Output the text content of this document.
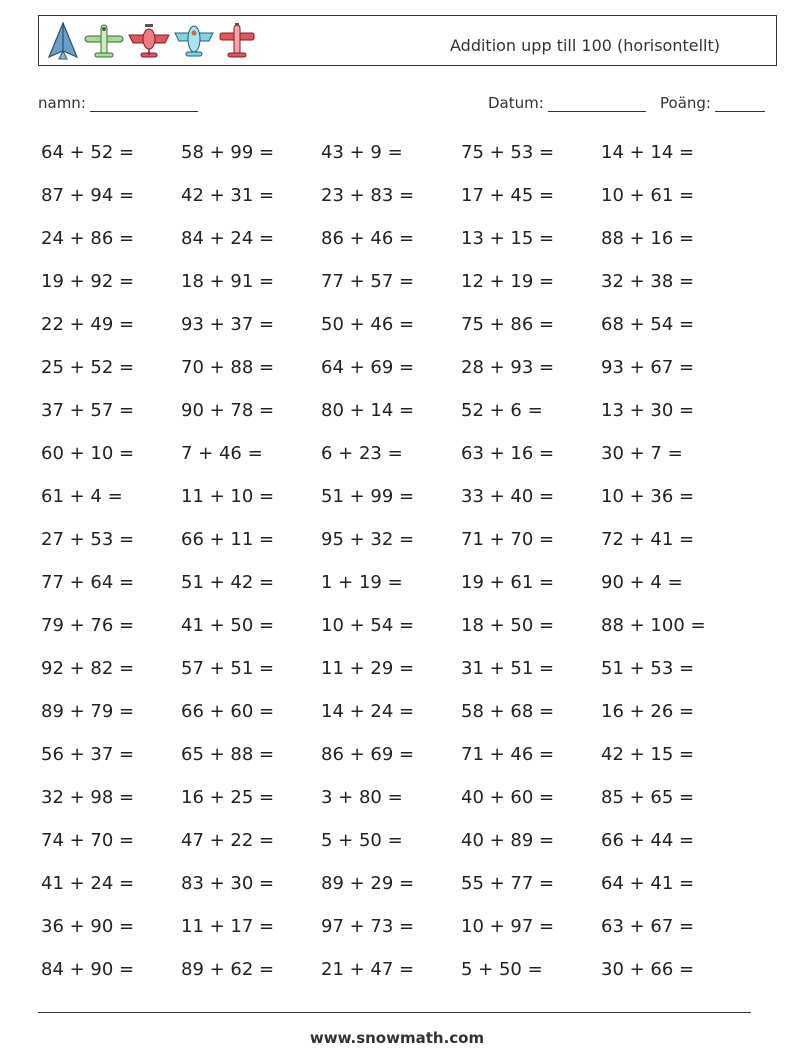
Addition upp till 100 (horisontellt)
namn:	Datum:	Poäng:
64 + 52 =	58 + 99 =	43 + 9 =	75 + 53 =	14 + 14 =
87 + 94 =	42 + 31 =	23 + 83 =	17 + 45 =	10 + 61 =
24 + 86 =	84 + 24 =	86 + 46 =	13 + 15 =	88 + 16 =
19 + 92 =	18 + 91 =	77 + 57 =	12 + 19 =	32 + 38 =
22 + 49 =	93 + 37 =	50 + 46 =	75 + 86 =	68 + 54 =
25 + 52 =	70 + 88 =	64 + 69 =	28 + 93 =	93 + 67 =
37 + 57 =	90 + 78 =	80 + 14 =	52 + 6 =	13 + 30 =
60 + 10 =	7 + 46 =	6 + 23 =	63 + 16 =	30 + 7 =
61 + 4 =	11 + 10 =	51 + 99 =	33 + 40 =	10 + 36 =
27 + 53 =	66 + 11 =	95 + 32 =	71 + 70 =	72 + 41 =
77 + 64 =	51 + 42 =	1 + 19 =	19 + 61 =	90 + 4 =
79 + 76 =	41 + 50 =	10 + 54 =	18 + 50 =	88 + 100 =
92 + 82 =	57 + 51 =	11 + 29 =	31 + 51 =	51 + 53 =
89 + 79 =	66 + 60 =	14 + 24 =	58 + 68 =	16 + 26 =
56 + 37 =	65 + 88 =	86 + 69 =	71 + 46 =	42 + 15 =
32 + 98 =	16 + 25 =	3 + 80 =	40 + 60 =	85 + 65 =
74 + 70 =	47 + 22 =	5 + 50 =	40 + 89 =	66 + 44 =
41 + 24 =	83 + 30 =	89 + 29 =	55 + 77 =	64 + 41 =
36 + 90 =	11 + 17 =	97 + 73 =	10 + 97 =	63 + 67 =
84 + 90 =	89 + 62 =	21 + 47 =	5 + 50 =	30 + 66 =
www.snowmath.com
